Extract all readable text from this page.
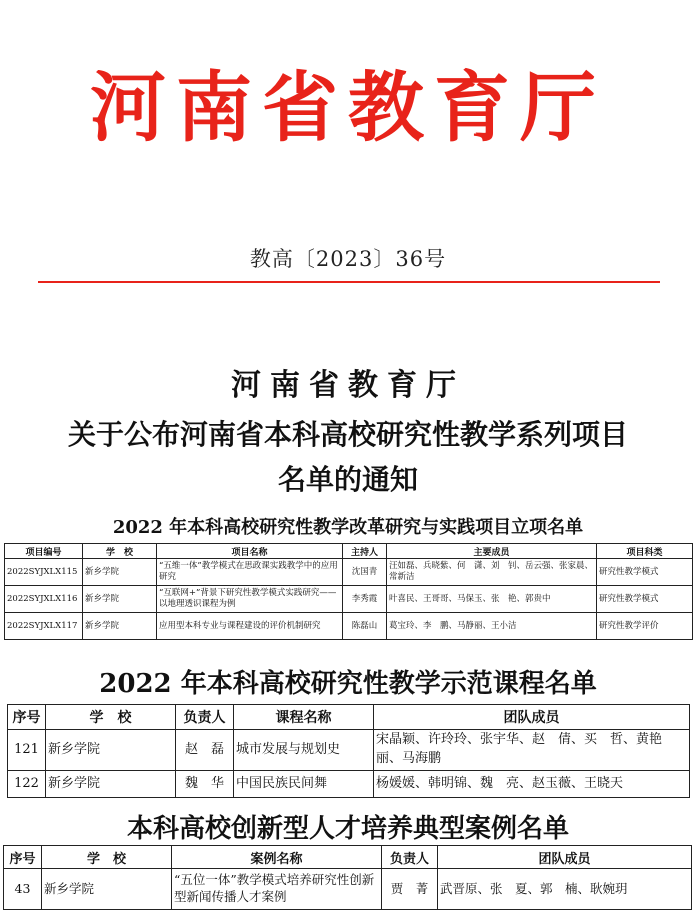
河南省教育厅
教高〔2023〕36号
河南省教育厅
关于公布河南省本科高校研究性教学系列项目
名单的通知
2022 年本科高校研究性教学改革研究与实践项目立项名单
项目编号	学　校	项目名称	主持人	主要成员	项目科类
2022SYJXLX115	新乡学院	“五维一体”教学模式在思政课实践教学中的应用研究	沈国青	汪如磊、兵晓紫、何　潇、刘　钊、岳云强、张家晨、常新洁	研究性教学模式
2022SYJXLX116	新乡学院	“互联网+”背景下研究性教学模式实践研究——以地理透识课程为例	李秀霞	叶喜民、王哥哥、马保玉、张　艳、郭贵中	研究性教学模式
2022SYJXLX117	新乡学院	应用型本科专业与课程建设的评价机制研究	陈磊山	葛宝玲、李　鹏、马静丽、王小洁	研究性教学评价
2022 年本科高校研究性教学示范课程名单
序号	学　校	负责人	课程名称	团队成员
121	新乡学院	赵　磊	城市发展与规划史	宋晶颖、许玲玲、张宇华、赵　倩、买　哲、黄艳丽、马海鹏
122	新乡学院	魏　华	中国民族民间舞	杨媛媛、韩明锦、魏　亮、赵玉薇、王晓天
本科高校创新型人才培养典型案例名单
序号	学　校	案例名称	负责人	团队成员
43	新乡学院	“五位一体”教学模式培养研究性创新型新闻传播人才案例	贾　菁	武晋原、张　夏、郭　楠、耿婉玥
